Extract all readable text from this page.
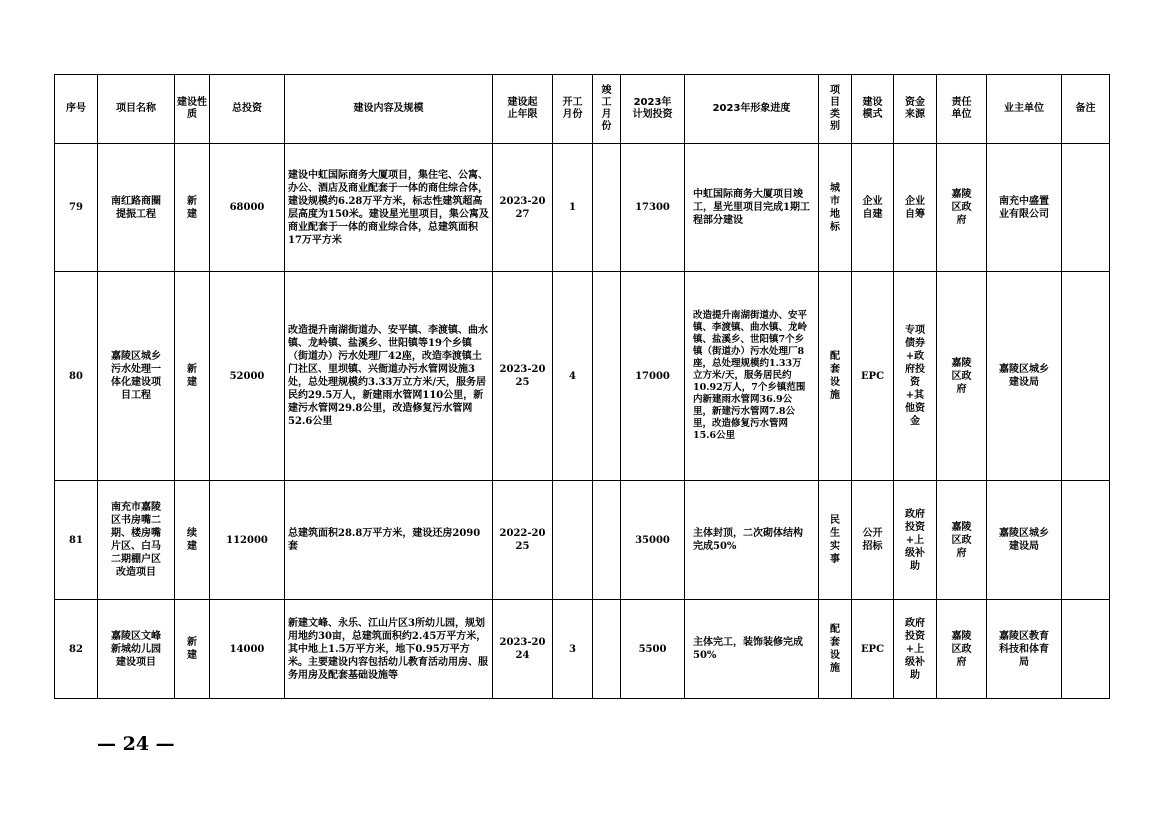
序号	项目名称	建设性质	总投资	建设内容及规模	建设起止年限	开工月份	竣工月份	2023年计划投资	2023年形象进度	项目类别	建设模式	资金来源	责任单位	业主单位	备注
79	南红路商圈提振工程	新建	68000	建设中虹国际商务大厦项目，集住宅、公寓、办公、酒店及商业配套于一体的商住综合体，建设规模约6.28万平方米，标志性建筑超高层高度为150米。建设星光里项目，集公寓及商业配套于一体的商业综合体，总建筑面积17万平方米	2023-2027	1		17300	中虹国际商务大厦项目竣工，星光里项目完成1期工程部分建设	城市地标	企业自建	企业自筹	嘉陵区政府	南充中盛置业有限公司	
80	嘉陵区城乡污水处理一体化建设项目工程	新建	52000	改造提升南湖街道办、安平镇、李渡镇、曲水镇、龙岭镇、盐溪乡、世阳镇等19个乡镇（街道办）污水处理厂42座，改造李渡镇土门社区、里坝镇、兴衙道办污水管网设施3处，总处理规模约3.33万立方米/天，服务居民约29.5万人，新建雨水管网110公里，新建污水管网29.8公里，改造修复污水管网52.6公里	2023-2025	4		17000	改造提升南湖街道办、安平镇、李渡镇、曲水镇、龙岭镇、盐溪乡、世阳镇7个乡镇（街道办）污水处理厂8座，总处理规模约1.33万立方米/天，服务居民约10.92万人，7个乡镇范围内新建雨水管网36.9公里，新建污水管网7.8公里，改造修复污水管网15.6公里	配套设施	EPC	专项债券+政府投资+其他资金	嘉陵区政府	嘉陵区城乡建设局	
81	南充市嘉陵区书房嘴二期、楼房嘴片区、白马二期棚户区改造项目	续建	112000	总建筑面积28.8万平方米，建设还房2090套	2022-2025			35000	主体封顶，二次砌体结构完成50%	民生实事	公开招标	政府投资+上级补助	嘉陵区政府	嘉陵区城乡建设局	
82	嘉陵区文峰新城幼儿园建设项目	新建	14000	新建文峰、永乐、江山片区3所幼儿园，规划用地约30亩，总建筑面积约2.45万平方米，其中地上1.5万平方米，地下0.95万平方米。主要建设内容包括幼儿教育活动用房、服务用房及配套基础设施等	2023-2024	3		5500	主体完工，装饰装修完成50%	配套设施	EPC	政府投资+上级补助	嘉陵区政府	嘉陵区教育科技和体育局	
— 24 —
